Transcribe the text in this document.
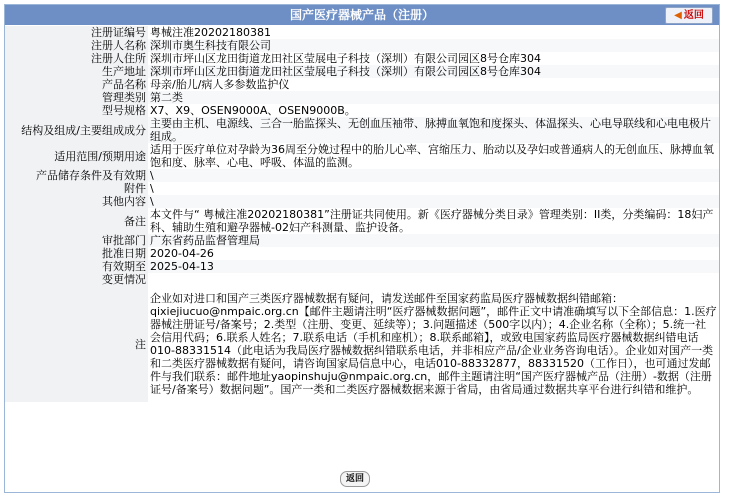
国产医疗器械产品（注册）	◀ 返回
注册证编号	粤械注准20202180381
注册人名称	深圳市奥生科技有限公司
注册人住所	深圳市坪山区龙田街道龙田社区莹展电子科技（深圳）有限公司园区8号仓库304
生产地址	深圳市坪山区龙田街道龙田社区莹展电子科技（深圳）有限公司园区8号仓库304
产品名称	母亲/胎儿/病人多参数监护仪
管理类别	第二类
型号规格	X7、X9、OSEN9000A、OSEN9000B。
结构及组成/主要组成成分	主要由主机、电源线、三合一胎监探头、无创血压袖带、脉搏血氧饱和度探头、体温探头、心电导联线和心电电极片组成。
适用范围/预期用途	适用于医疗单位对孕龄为36周至分娩过程中的胎儿心率、宫缩压力、胎动以及孕妇或普通病人的无创血压、脉搏血氧饱和度、脉率、心电、呼吸、体温的监测。
产品储存条件及有效期	\
附件	\
其他内容	\
备注	本文件与“ 粤械注准20202180381”注册证共同使用。新《医疗器械分类目录》管理类别：II类，分类编码：18妇产科、辅助生殖和避孕器械-02妇产科测量、监护设备。
审批部门	广东省药品监督管理局
批准日期	2020-04-26
有效期至	2025-04-13
变更情况	
注	企业如对进口和国产三类医疗器械数据有疑问，请发送邮件至国家药监局医疗器械数据纠错邮箱：qixiejiucuo@nmpaic.org.cn【邮件主题请注明“医疗器械数据问题”，邮件正文中请准确填写以下全部信息：1.医疗器械注册证号/备案号；2.类型（注册、变更、延续等）；3.问题描述（500字以内）；4.企业名称（全称）；5.统一社会信用代码；6.联系人姓名；7.联系电话（手机和座机）；8.联系邮箱】，或致电国家药监局医疗器械数据纠错电话010-88331514（此电话为我局医疗器械数据纠错联系电话，并非相应产品/企业业务咨询电话）。企业如对国产一类和二类医疗器械数据有疑问，请咨询国家局信息中心，电话010-88332877，88331520（工作日），也可通过发邮件与我们联系：邮件地址yaopinshuju@nmpaic.org.cn，邮件主题请注明“国产医疗器械产品（注册）-数据（注册证号/备案号）数据问题”。国产一类和二类医疗器械数据来源于省局，由省局通过数据共享平台进行纠错和维护。
返回
